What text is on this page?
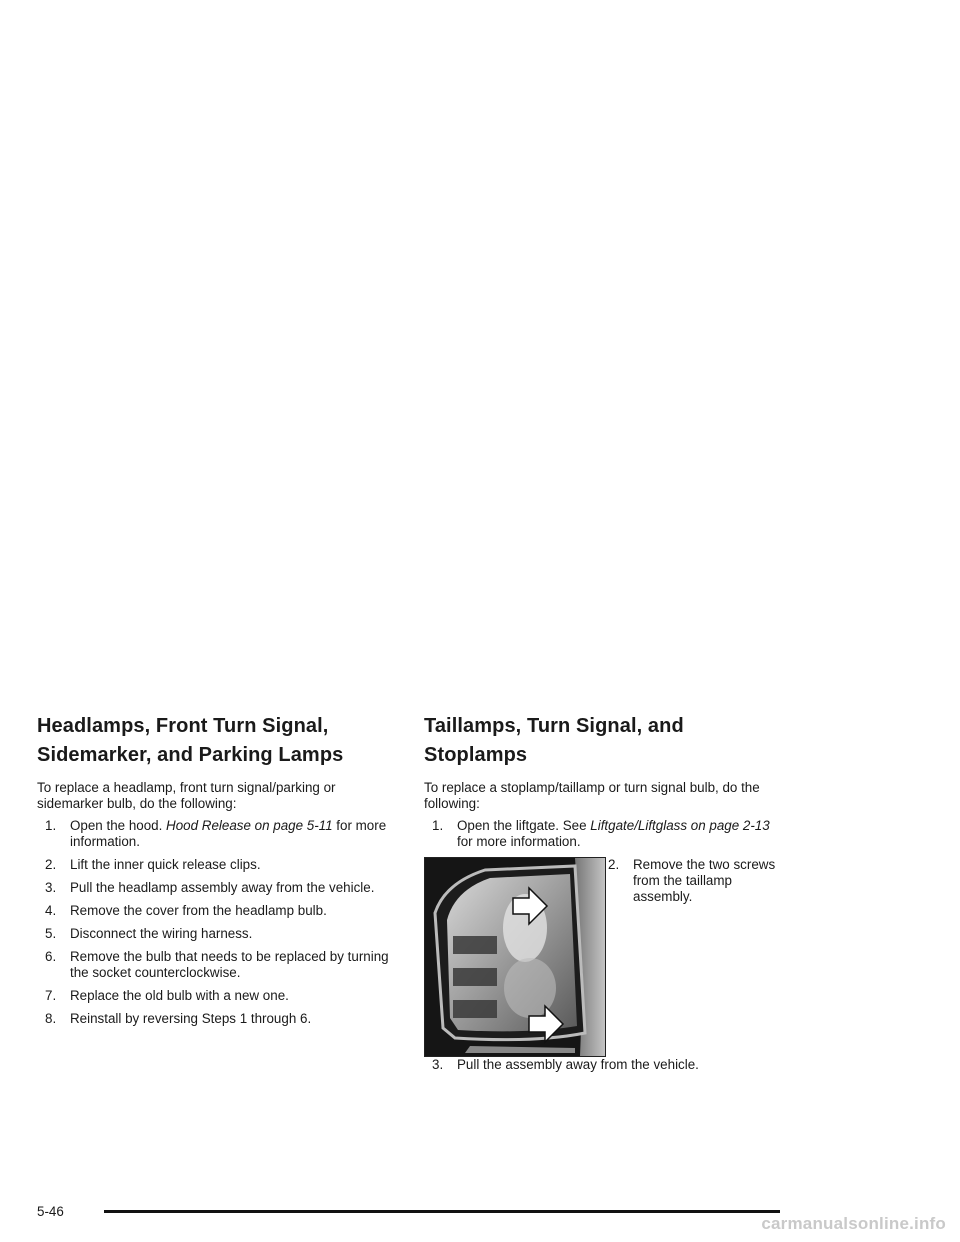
Headlamps, Front Turn Signal,
Sidemarker, and Parking Lamps

To replace a headlamp, front turn signal/parking or sidemarker bulb, do the following:

1. Open the hood. Hood Release on page 5-11 for more information.
2. Lift the inner quick release clips.
3. Pull the headlamp assembly away from the vehicle.
4. Remove the cover from the headlamp bulb.
5. Disconnect the wiring harness.
6. Remove the bulb that needs to be replaced by turning the socket counterclockwise.
7. Replace the old bulb with a new one.
8. Reinstall by reversing Steps 1 through 6.
Taillamps, Turn Signal, and
Stoplamps

To replace a stoplamp/taillamp or turn signal bulb, do the following:

1. Open the liftgate. See Liftgate/Liftglass on page 2-13 for more information.
2. Remove the two screws from the taillamp assembly.
3. Pull the assembly away from the vehicle.
5-46
carmanualsonline.info
